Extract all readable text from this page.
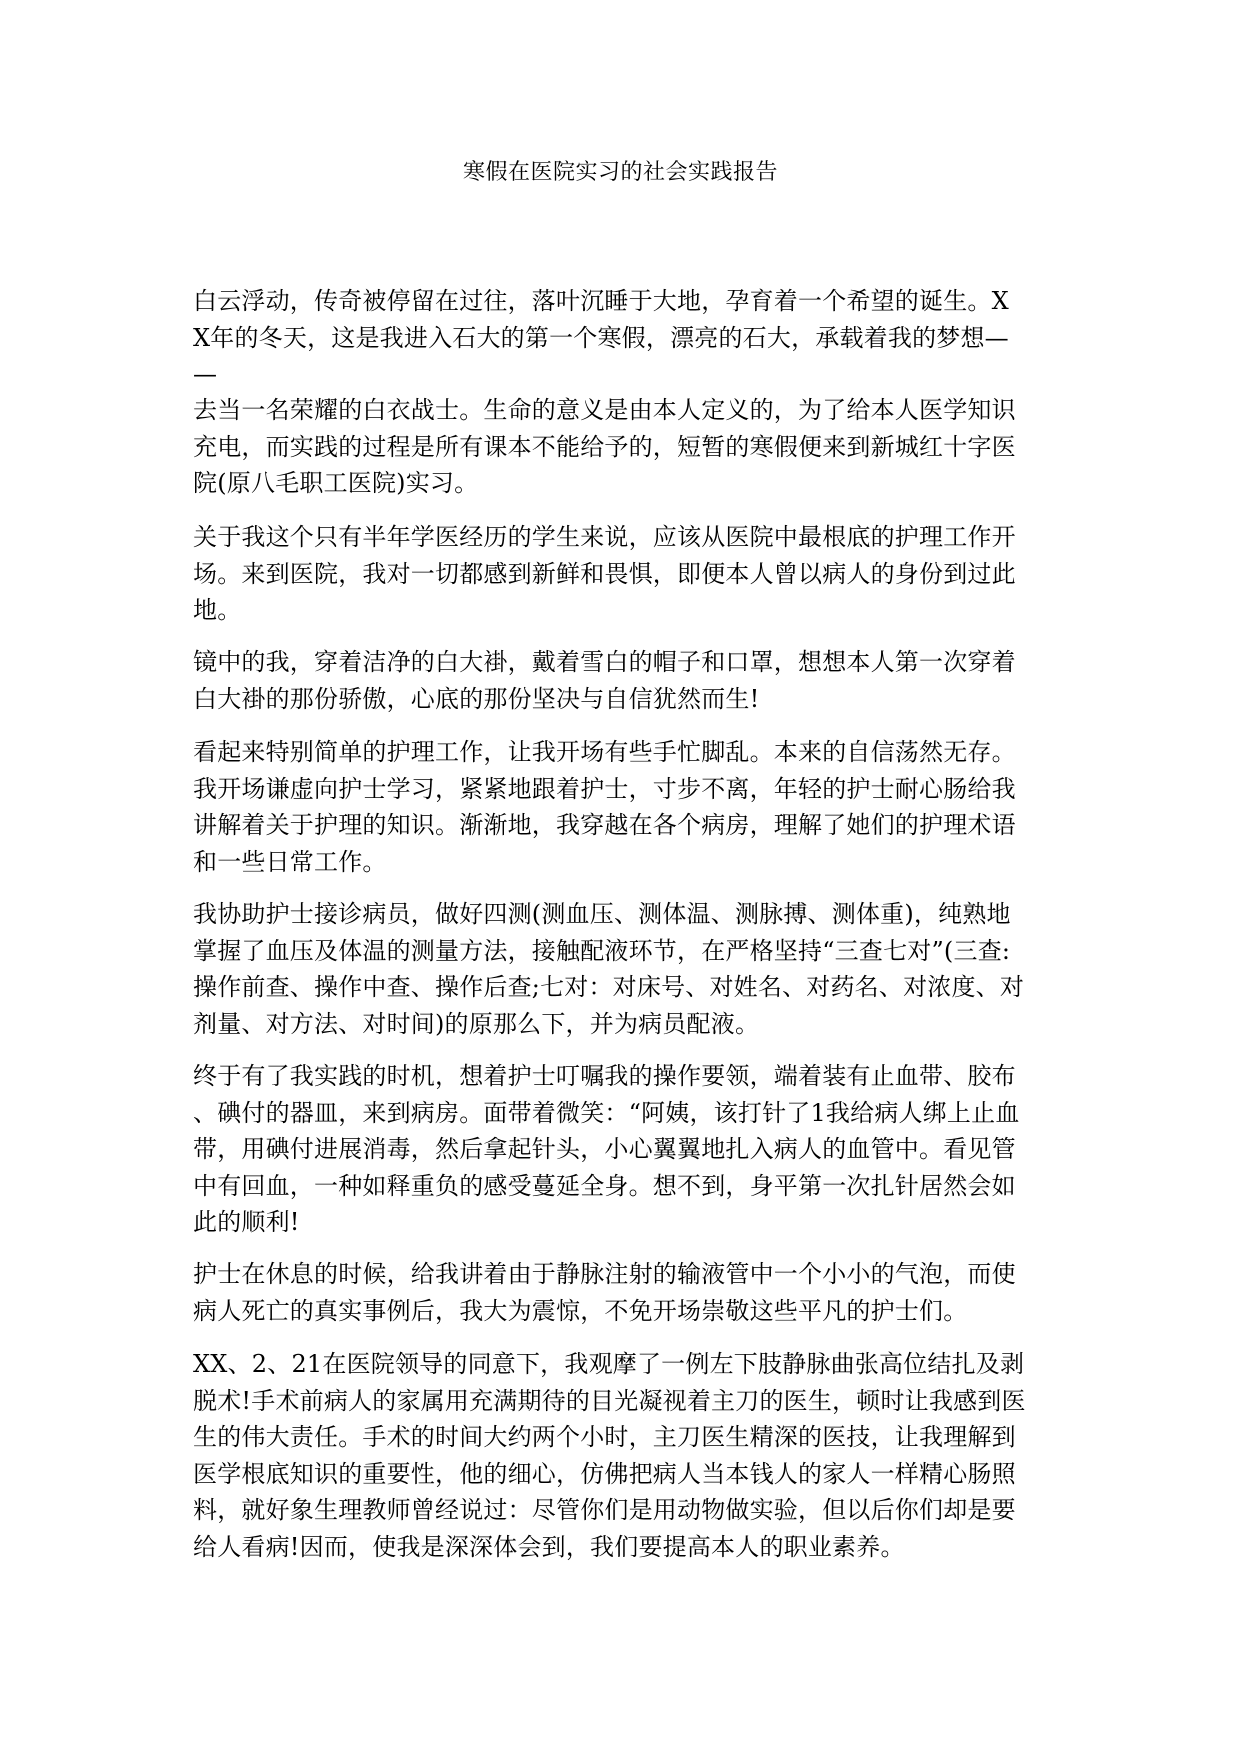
寒假在医院实习的社会实践报告

白云浮动，传奇被停留在过往，落叶沉睡于大地，孕育着一个希望的诞生。X
X年的冬天，这是我进入石大的第一个寒假，漂亮的石大，承载着我的梦想—
—

去当一名荣耀的白衣战士。生命的意义是由本人定义的，为了给本人医学知识
充电，而实践的过程是所有课本不能给予的，短暂的寒假便来到新城红十字医
院(原八毛职工医院)实习。

关于我这个只有半年学医经历的学生来说，应该从医院中最根底的护理工作开
场。来到医院，我对一切都感到新鲜和畏惧，即便本人曾以病人的身份到过此
地。

镜中的我，穿着洁净的白大褂，戴着雪白的帽子和口罩，想想本人第一次穿着
白大褂的那份骄傲，心底的那份坚决与自信犹然而生!

看起来特别简单的护理工作，让我开场有些手忙脚乱。本来的自信荡然无存。
我开场谦虚向护士学习，紧紧地跟着护士，寸步不离，年轻的护士耐心肠给我
讲解着关于护理的知识。渐渐地，我穿越在各个病房，理解了她们的护理术语
和一些日常工作。

我协助护士接诊病员，做好四测(测血压、测体温、测脉搏、测体重)，纯熟地
掌握了血压及体温的测量方法，接触配液环节，在严格坚持“三查七对”(三查:
操作前查、操作中查、操作后查;七对：对床号、对姓名、对药名、对浓度、对
剂量、对方法、对时间)的原那么下，并为病员配液。

终于有了我实践的时机，想着护士叮嘱我的操作要领，端着装有止血带、胶布
、碘付的器皿，来到病房。面带着微笑：“阿姨，该打针了1我给病人绑上止血
带，用碘付进展消毒，然后拿起针头，小心翼翼地扎入病人的血管中。看见管
中有回血，一种如释重负的感受蔓延全身。想不到，身平第一次扎针居然会如
此的顺利!

护士在休息的时候，给我讲着由于静脉注射的输液管中一个小小的气泡，而使
病人死亡的真实事例后，我大为震惊，不免开场崇敬这些平凡的护士们。

XX、2、21在医院领导的同意下，我观摩了一例左下肢静脉曲张高位结扎及剥
脱术!手术前病人的家属用充满期待的目光凝视着主刀的医生，顿时让我感到医
生的伟大责任。手术的时间大约两个小时，主刀医生精深的医技，让我理解到
医学根底知识的重要性，他的细心，仿佛把病人当本钱人的家人一样精心肠照
料，就好象生理教师曾经说过：尽管你们是用动物做实验，但以后你们却是要
给人看病!因而，使我是深深体会到，我们要提高本人的职业素养。
